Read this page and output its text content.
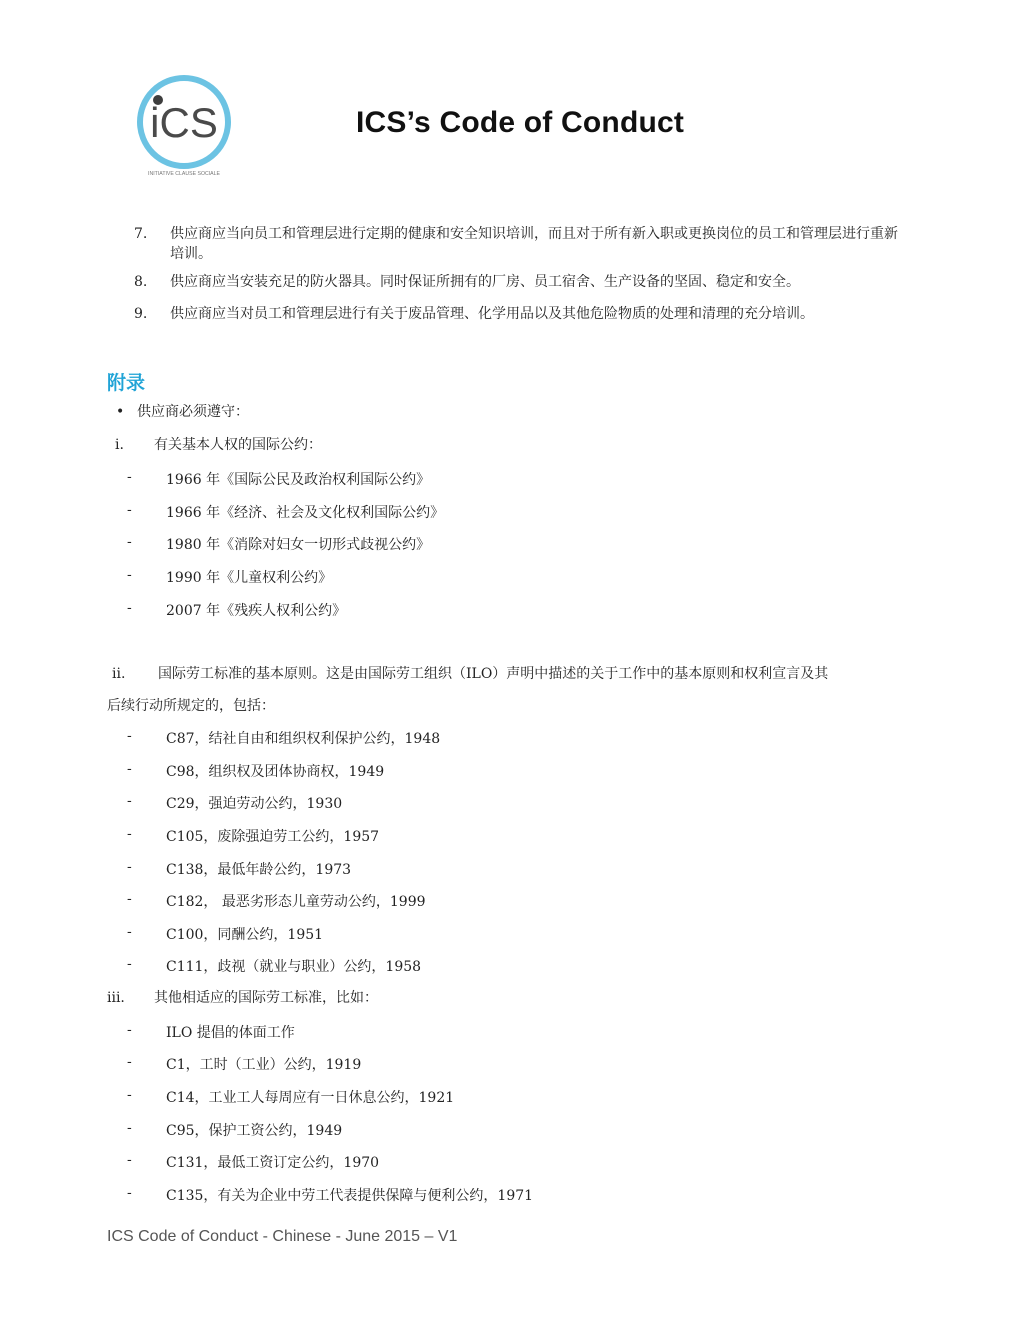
iCS
INITIATIVE CLAUSE SOCIALE
ICS’s Code of Conduct
7.	供应商应当向员工和管理层进行定期的健康和安全知识培训，而且对于所有新入职或更换岗位的员工和管理层进行重新培训。
8.	供应商应当安装充足的防火器具。同时保证所拥有的厂房、员工宿舍、生产设备的坚固、稳定和安全。
9.	供应商应当对员工和管理层进行有关于废品管理、化学用品以及其他危险物质的处理和清理的充分培训。
附录
• 供应商必须遵守：
i. 有关基本人权的国际公约：
- 1966 年《国际公民及政治权利国际公约》
- 1966 年《经济、社会及文化权利国际公约》
- 1980 年《消除对妇女一切形式歧视公约》
- 1990 年《儿童权利公约》
- 2007 年《残疾人权利公约》
ii. 国际劳工标准的基本原则。这是由国际劳工组织（ILO）声明中描述的关于工作中的基本原则和权利宣言及其
后续行动所规定的，包括：
- C87，结社自由和组织权利保护公约，1948
- C98，组织权及团体协商权，1949
- C29，强迫劳动公约，1930
- C105，废除强迫劳工公约，1957
- C138，最低年龄公约，1973
- C182， 最恶劣形态儿童劳动公约，1999
- C100，同酬公约，1951
- C111，歧视（就业与职业）公约，1958
iii. 其他相适应的国际劳工标准，比如：
- ILO 提倡的体面工作
- C1，工时（工业）公约，1919
- C14，工业工人每周应有一日休息公约，1921
- C95，保护工资公约，1949
- C131，最低工资订定公约，1970
- C135，有关为企业中劳工代表提供保障与便利公约，1971
ICS Code of Conduct - Chinese - June 2015 – V1
